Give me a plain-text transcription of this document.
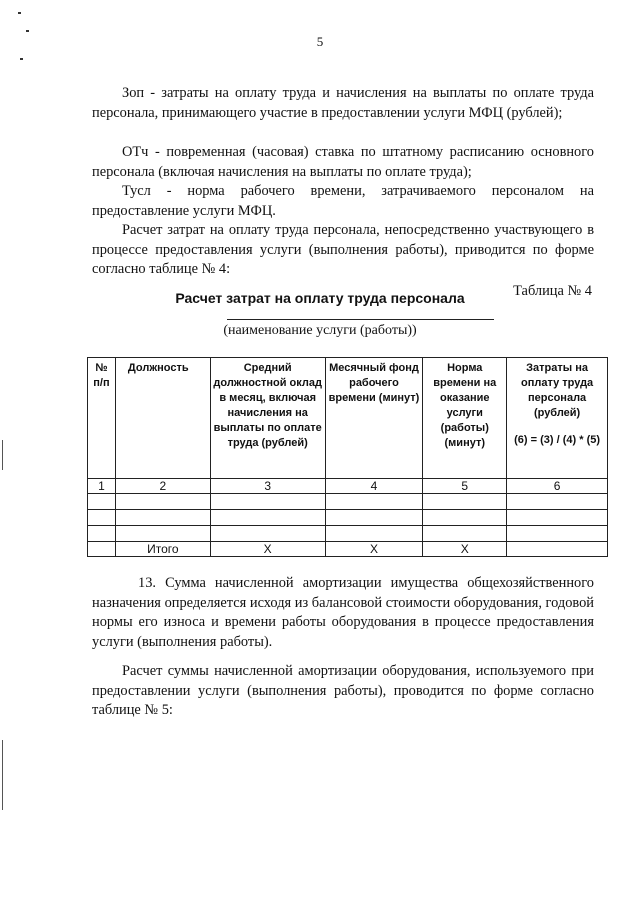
5

Зоп - затраты на оплату труда и начисления на выплаты по оплате труда персонала, принимающего участие в предоставлении услуги МФЦ (рублей);

ОТч - повременная (часовая) ставка по штатному расписанию основного персонала (включая начисления на выплаты по оплате труда);

Тусл - норма рабочего времени, затрачиваемого персоналом на предоставление услуги МФЦ.

Расчет затрат на оплату труда персонала, непосредственно участвующего в процессе предоставления услуги (выполнения работы), приводится по форме согласно таблице № 4:

Таблица № 4
Расчет затрат на оплату труда персонала
(наименование услуги (работы))
№ п/п	Должность	Средний должностной оклад в месяц, включая начисления на выплаты по оплате труда (рублей)	Месячный фонд рабочего времени (минут)	Норма времени на оказание услуги (работы) (минут)	Затраты на оплату труда персонала (рублей)
(6) = (3) / (4) * (5)

1	2	3	4	5	6

	Итого	Х	Х	Х	

13. Сумма начисленной амортизации имущества общехозяйственного назначения определяется исходя из балансовой стоимости оборудования, годовой нормы его износа и времени работы оборудования в процессе предоставления услуги (выполнения работы).

Расчет суммы начисленной амортизации оборудования, используемого при предоставлении услуги (выполнения работы), проводится по форме согласно таблице № 5:
